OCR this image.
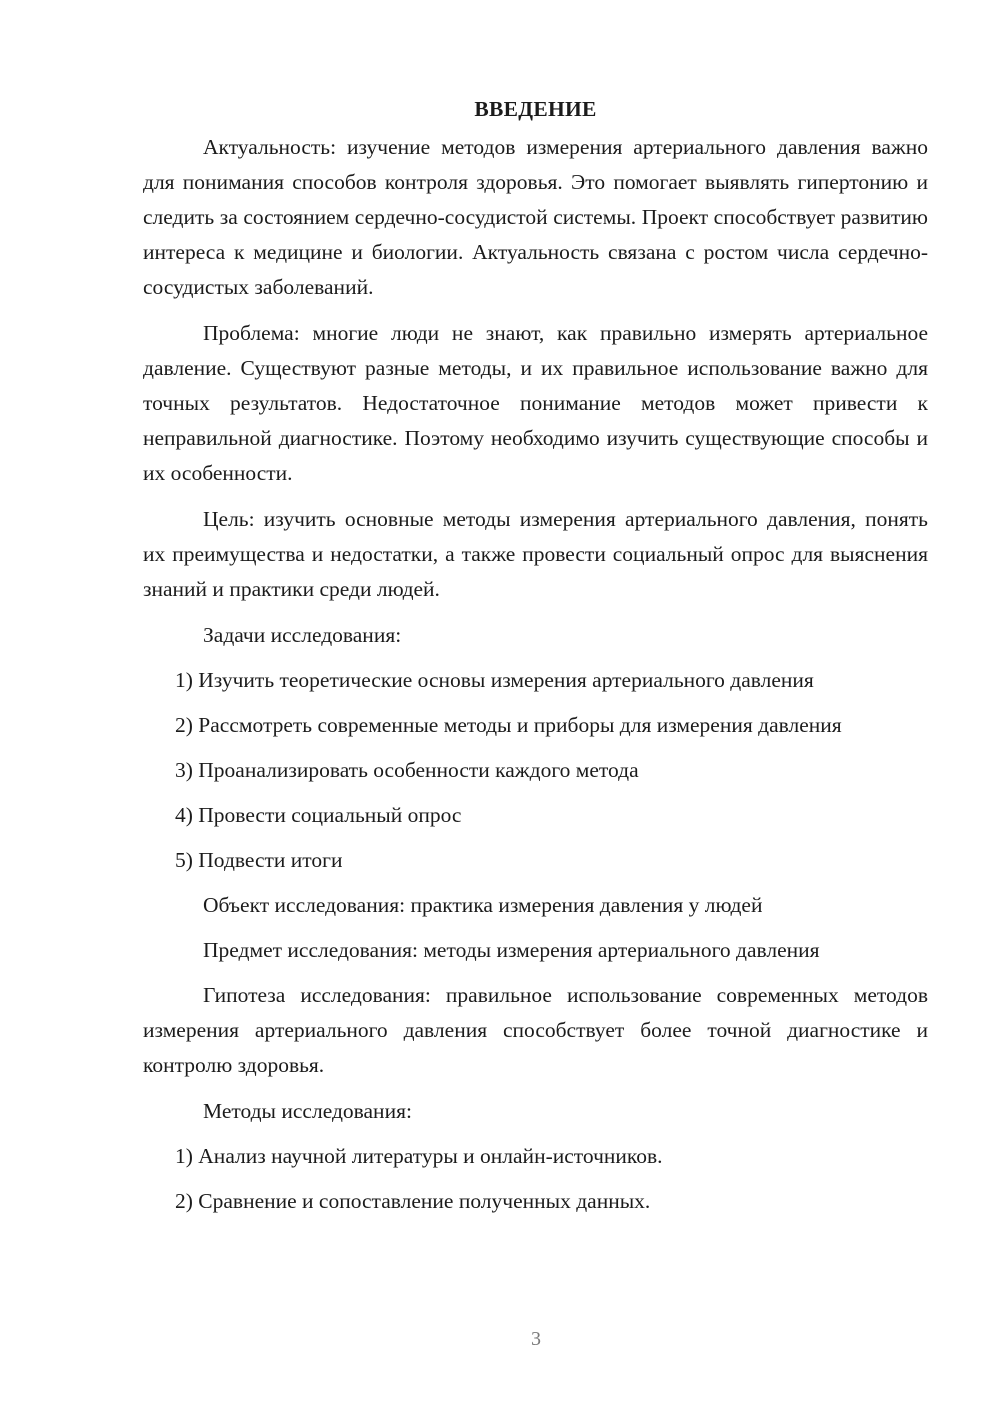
ВВЕДЕНИЕ

Актуальность: изучение методов измерения артериального давления важно для понимания способов контроля здоровья. Это помогает выявлять гипертонию и следить за состоянием сердечно-сосудистой системы. Проект способствует развитию интереса к медицине и биологии. Актуальность связана с ростом числа сердечно-сосудистых заболеваний.

Проблема: многие люди не знают, как правильно измерять артериальное давление. Существуют разные методы, и их правильное использование важно для точных результатов. Недостаточное понимание методов может привести к неправильной диагностике. Поэтому необходимо изучить существующие способы и их особенности.

Цель: изучить основные методы измерения артериального давления, понять их преимущества и недостатки, а также провести социальный опрос для выяснения знаний и практики среди людей.

Задачи исследования:

1) Изучить теоретические основы измерения артериального давления

2) Рассмотреть современные методы и приборы для измерения давления

3) Проанализировать особенности каждого метода

4) Провести социальный опрос

5) Подвести итоги

Объект исследования: практика измерения давления у людей

Предмет исследования: методы измерения артериального давления

Гипотеза исследования: правильное использование современных методов измерения артериального давления способствует более точной диагностике и контролю здоровья.

Методы исследования:

1) Анализ научной литературы и онлайн-источников.

2) Сравнение и сопоставление полученных данных.

3
